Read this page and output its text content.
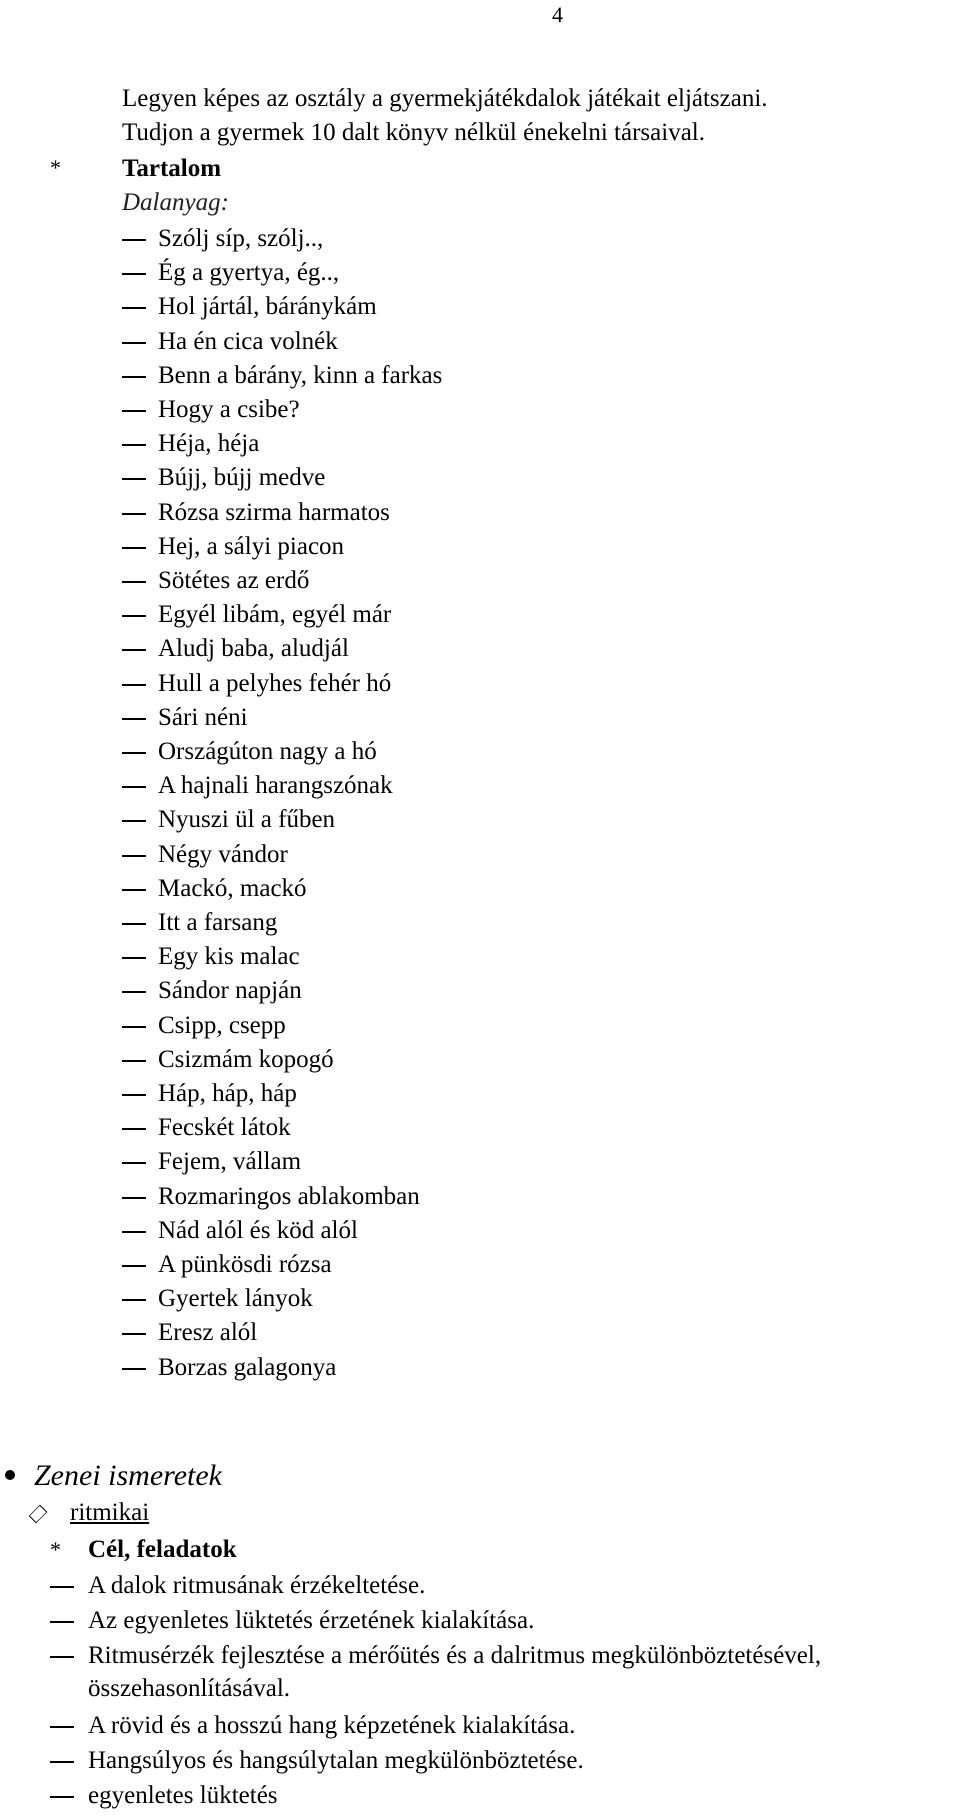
4
Legyen képes az osztály a gyermekjátékdalok játékait eljátszani.
Tudjon a gyermek 10 dalt könyv nélkül énekelni társaival.
* Tartalom
Dalanyag:
Szólj síp, szólj..,
Ég a gyertya, ég..,
Hol jártál, báránykám
Ha én cica volnék
Benn a bárány, kinn a farkas
Hogy a csibe?
Héja, héja
Bújj, bújj medve
Rózsa szirma harmatos
Hej, a sályi piacon
Sötétes az erdő
Egyél libám, egyél már
Aludj baba, aludjál
Hull a pelyhes fehér hó
Sári néni
Országúton nagy a hó
A hajnali harangszónak
Nyuszi ül a fűben
Négy vándor
Mackó, mackó
Itt a farsang
Egy kis malac
Sándor napján
Csipp, csepp
Csizmám kopogó
Háp, háp, háp
Fecskét látok
Fejem, vállam
Rozmaringos ablakomban
Nád alól és köd alól
A pünkösdi rózsa
Gyertek lányok
Eresz alól
Borzas galagonya
Zenei ismeretek
ritmikai
* Cél, feladatok
A dalok ritmusának érzékeltetése.
Az egyenletes lüktetés érzetének kialakítása.
Ritmusérzék fejlesztése a mérőütés és a dalritmus megkülönböztetésével,
összehasonlításával.
A rövid és a hosszú hang képzetének kialakítása.
Hangsúlyos és hangsúlytalan megkülönböztetése.
egyenletes lüktetés
